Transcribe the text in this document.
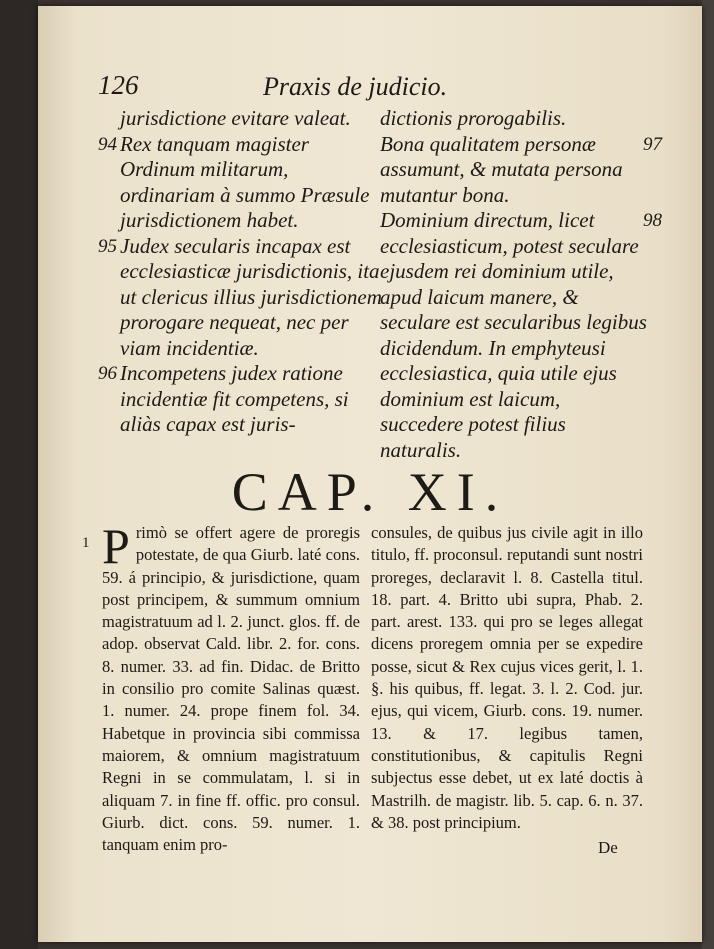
126	Praxis de judicio.
jurisdictione evitare valeat.
94 Rex tanquam magister Ordinum militarum, ordinariam à summo Præsule jurisdictionem habet.
95 Judex secularis incapax est ecclesiasticæ jurisdictionis, ita ut clericus illius jurisdictionem prorogare nequeat, nec per viam incidentiæ.
96 Incompetens judex ratione incidentiæ fit competens, si aliàs capax est juris-
dictionis prorogabilis.
97
Bona qualitatem personæ assumunt, & mutata persona mutantur bona.
98
Dominium directum, licet ecclesiasticum, potest seculare ejusdem rei dominium utile, apud laicum manere, & seculare est secularibus legibus dicidendum. In emphyteusi ecclesiastica, quia utile ejus dominium est laicum, succedere potest filius naturalis.
CAP. XI.
1 P rimò se offert agere de proregis potestate, de qua Giurb. laté cons. 59. á principio, & jurisdictione, quam post principem, & summum omnium magistratuum ad l. 2. junct. glos. ff. de adop. observat Cald. libr. 2. for. cons. 8. numer. 33. ad fin. Didac. de Britto in consilio pro comite Salinas quæst. 1. numer. 24. prope finem fol. 34. Habetque in provincia sibi commissa maiorem, & omnium magistratuum Regni in se commulatam, l. si in aliquam 7. in fine ff. offic. pro consul. Giurb. dict. cons. 59. numer. 1. tanquam enim pro-
consules, de quibus jus civile agit in illo titulo, ff. proconsul. reputandi sunt nostri proreges, declaravit l. 8. Castella titul. 18. part. 4. Britto ubi supra, Phab. 2. part. arest. 133. qui pro se leges allegat dicens proregem omnia per se expedire posse, sicut & Rex cujus vices gerit, l. 1. §. his quibus, ff. legat. 3. l. 2. Cod. jur. ejus, qui vicem, Giurb. cons. 19. numer. 13. & 17. legibus tamen, constitutionibus, & capitulis Regni subjectus esse debet, ut ex laté doctis à Mastrilh. de magistr. lib. 5. cap. 6. n. 37. & 38. post principium.
De
